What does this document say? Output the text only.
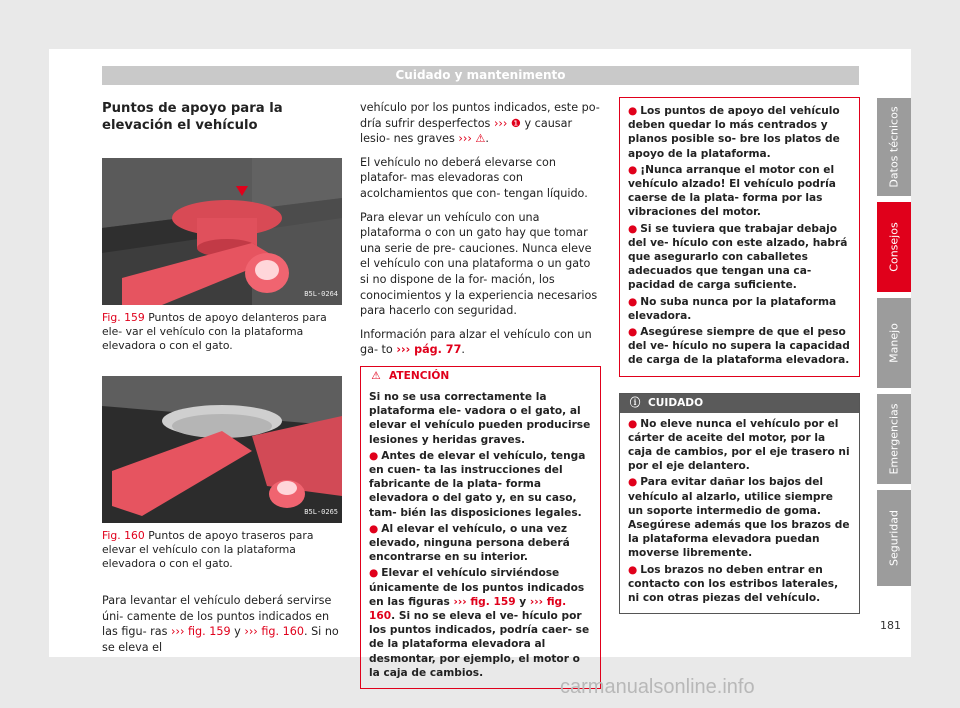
Cuidado y mantenimento
Puntos de apoyo para la elevación el vehículo
B5L-0264
Fig. 159 Puntos de apoyo delanteros para ele- var el vehículo con la plataforma elevadora o con el gato.
B5L-0265
Fig. 160 Puntos de apoyo traseros para elevar el vehículo con la plataforma elevadora o con el gato.

Para levantar el vehículo deberá servirse úni- camente de los puntos indicados en las figu- ras ››› fig. 159 y ››› fig. 160. Si no se eleva el

vehículo por los puntos indicados, este po- dría sufrir desperfectos ››› ❶ y causar lesio- nes graves ››› ⚠.

El vehículo no deberá elevarse con platafor- mas elevadoras con acolchamientos que con- tengan líquido.

Para elevar un vehículo con una plataforma o con un gato hay que tomar una serie de pre- cauciones. Nunca eleve el vehículo con una plataforma o un gato si no dispone de la for- mación, los conocimientos y la experiencia necesarios para hacerlo con seguridad.

Información para alzar el vehículo con un ga- to ››› pág. 77.

⚠ ATENCIÓN
Si no se usa correctamente la plataforma ele- vadora o el gato, al elevar el vehículo pueden producirse lesiones y heridas graves.
● Antes de elevar el vehículo, tenga en cuen- ta las instrucciones del fabricante de la plata- forma elevadora o del gato y, en su caso, tam- bién las disposiciones legales.
● Al elevar el vehículo, o una vez elevado, ninguna persona deberá encontrarse en su interior.
● Elevar el vehículo sirviéndose únicamente de los puntos indicados en las figuras ››› fig. 159 y ››› fig. 160. Si no se eleva el ve- hículo por los puntos indicados, podría caer- se de la plataforma elevadora al desmontar, por ejemplo, el motor o la caja de cambios.
● Los puntos de apoyo del vehículo deben quedar lo más centrados y planos posible so- bre los platos de apoyo de la plataforma.
● ¡Nunca arranque el motor con el vehículo alzado! El vehículo podría caerse de la plata- forma por las vibraciones del motor.
● Si se tuviera que trabajar debajo del ve- hículo con este alzado, habrá que asegurarlo con caballetes adecuados que tengan una ca- pacidad de carga suficiente.
● No suba nunca por la plataforma elevadora.
● Asegúrese siempre de que el peso del ve- hículo no supera la capacidad de carga de la plataforma elevadora.
ⓘ CUIDADO
● No eleve nunca el vehículo por el cárter de aceite del motor, por la caja de cambios, por el eje trasero ni por el eje delantero.
● Para evitar dañar los bajos del vehículo al alzarlo, utilice siempre un soporte intermedio de goma. Asegúrese además que los brazos de la plataforma elevadora puedan moverse libremente.
● Los brazos no deben entrar en contacto con los estribos laterales, ni con otras piezas del vehículo.
Datos técnicos
Consejos
Manejo
Emergencias
Seguridad
181
carmanualsonline.info
